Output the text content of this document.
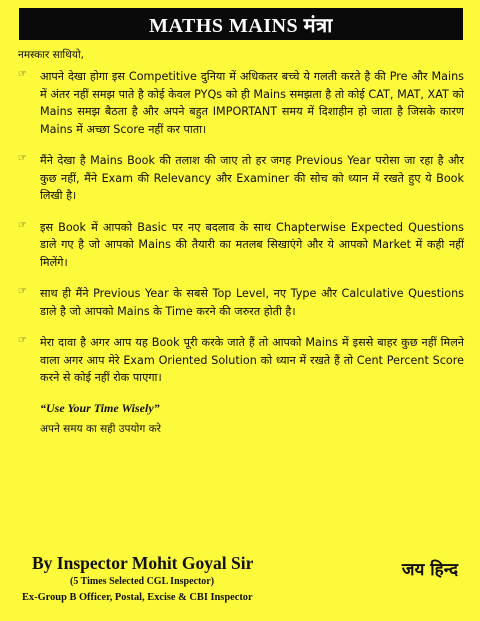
MATHS MAINS मंत्रा
नमस्कार साथियो,
☞	आपने देखा होगा इस Competitive दुनिया में अधिकतर बच्चे ये गलती करते है की Pre और Mains में अंतर नहीं समझ पाते है कोई केवल PYQs को ही Mains समझता है तो कोई CAT, MAT, XAT को Mains समझ बैठता है और अपने बहुत IMPORTANT समय में दिशाहीन हो जाता है जिसके कारण Mains में अच्छा Score नहीं कर पाता।
☞	मैंने देखा है Mains Book की तलाश की जाए तो हर जगह Previous Year परोसा जा रहा है और कुछ नहीं, मैंने Exam की Relevancy और Examiner की सोच को ध्यान में रखते हुए ये Book लिखी है।
☞	इस Book में आपको Basic पर नए बदलाव के साथ Chapterwise Expected Questions डाले गए है जो आपको Mains की तैयारी का मतलब सिखाएंगे और ये आपको Market में कही नहीं मिलेंगे।
☞	साथ ही मैंने Previous Year के सबसे Top Level, नए Type और Calculative Questions डाले है जो आपको Mains के Time करने की जरुरत होती है।
☞	मेरा दावा है अगर आप यह Book पूरी करके जाते हैं तो आपको Mains में इससे बाहर कुछ नहीं मिलने वाला अगर आप मेरे Exam Oriented Solution को ध्यान में रखते हैं तो Cent Percent Score करने से कोई नहीं रोक पाएगा।
“Use Your Time Wisely”
अपने समय का सही उपयोग करे
By Inspector Mohit Goyal Sir
(5 Times Selected CGL Inspector)
Ex-Group B Officer, Postal, Excise & CBI Inspector
जय हिन्द
